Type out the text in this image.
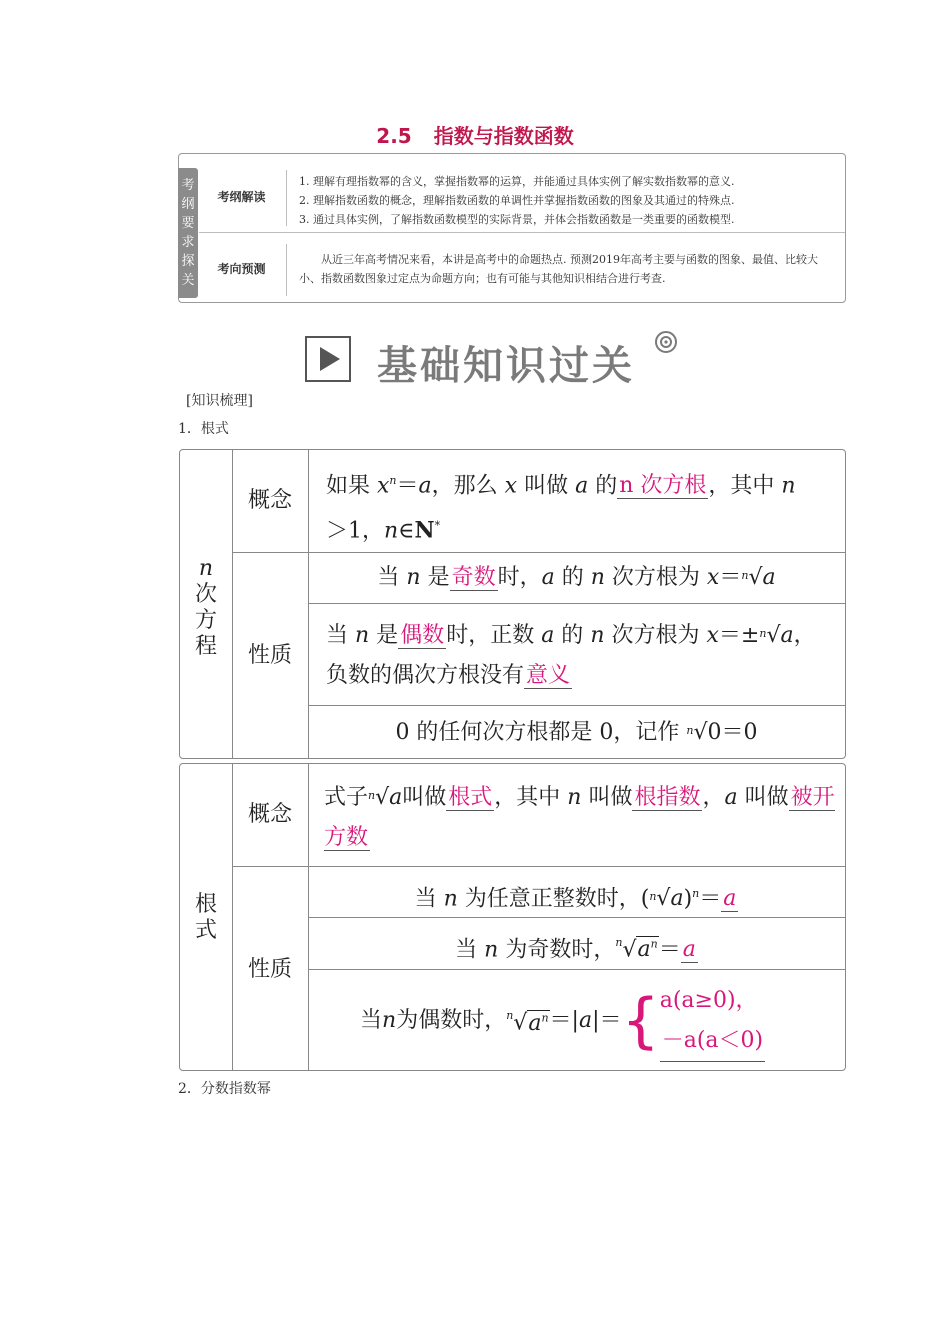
2.5 指数与指数函数
考
纲
要
求
探
关
考纲解读
1. 理解有理指数幂的含义，掌握指数幂的运算，并能通过具体实例了解实数指数幂的意义.
2. 理解指数函数的概念，理解指数函数的单调性并掌握指数函数的图象及其通过的特殊点.
3. 通过具体实例，了解指数函数模型的实际背景，并体会指数函数是一类重要的函数模型.
考向预测
从近三年高考情况来看，本讲是高考中的命题热点. 预测2019年高考主要与函数的图象、最值、比较大小、指数函数图象过定点为命题方向；也有可能与其他知识相结合进行考查.
基础知识过关
[知识梳理]
1．根式
n
次
方
程
概念
性质
如果 $x^n=a$，那么 x 叫做 a 的n 次方根，其中 n
＞1，n∈N*
当 n 是奇数时，a 的 n 次方根为 x＝$^n$√a
当 n 是偶数时，正数 a 的 n 次方根为 x＝±$^n$√a，
负数的偶次方根没有意义
0 的任何次方根都是 0，记作 $^n$√0＝0
根
式
概念
性质
式子$^n$√a叫做根式，其中 n 叫做根指数，a 叫做被开方数
当 n 为任意正整数时，$(^n√a)^n=a$
当 n 为奇数时，$^n√a^n=a$
当 n 为偶数时， $^n√a^n$ ＝| a |＝ { a(a≥0)，
－a(a＜0)
2．分数指数幂
